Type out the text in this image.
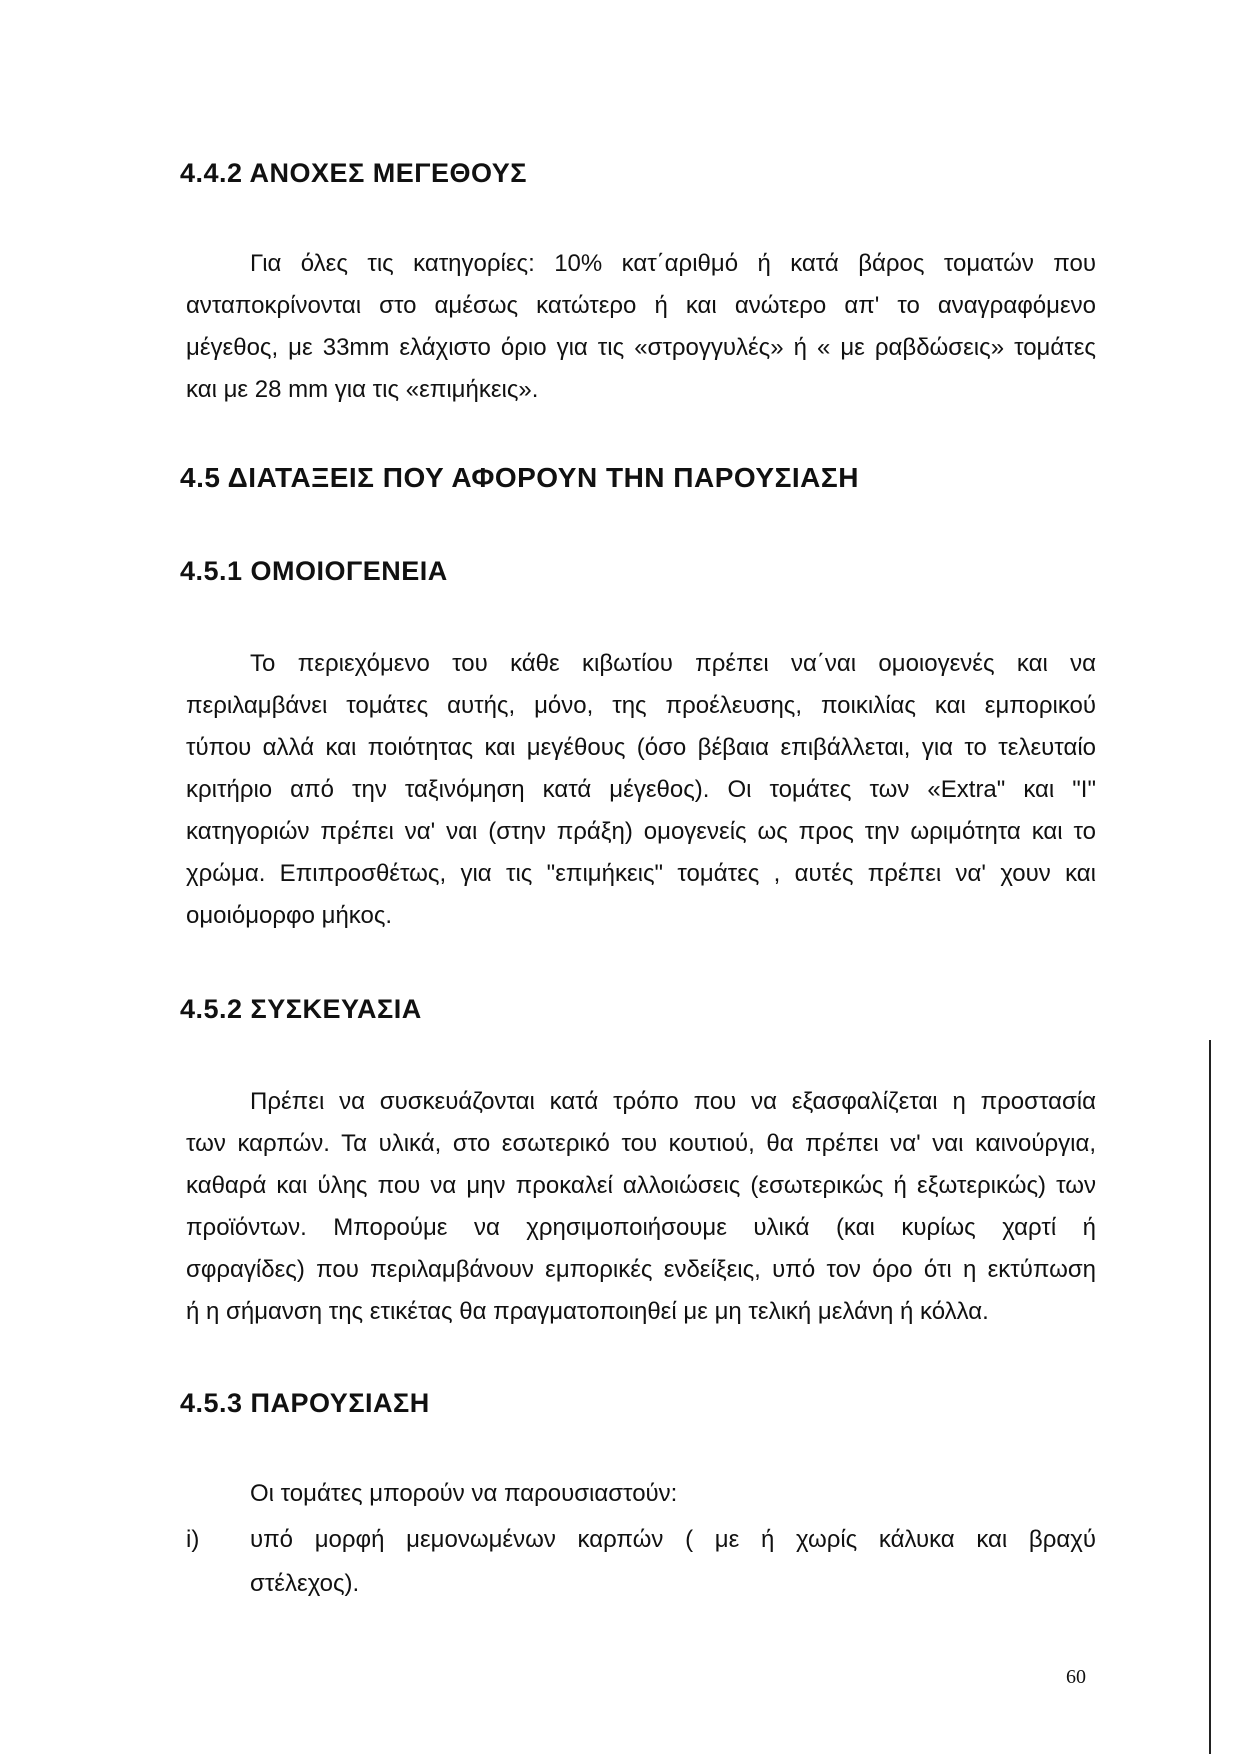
4.4.2 ΑΝΟΧΕΣ ΜΕΓΕΘΟΥΣ
Για όλες τις κατηγορίες: 10% κατ΄αριθμό ή κατά βάρος τοματών που
ανταποκρίνονται στο αμέσως κατώτερο ή και ανώτερο απ' το αναγραφόμενο
μέγεθος, με 33mm ελάχιστο όριο για τις «στρογγυλές» ή « με ραβδώσεις» τομάτες
και με 28 mm για τις «επιμήκεις».
4.5 ΔΙΑΤΑΞΕΙΣ ΠΟΥ ΑΦΟΡΟΥΝ ΤΗΝ ΠΑΡΟΥΣΙΑΣΗ
4.5.1 ΟΜΟΙΟΓΕΝΕΙΑ
Το περιεχόμενο του κάθε κιβωτίου πρέπει να΄ναι ομοιογενές και να
περιλαμβάνει τομάτες αυτής, μόνο, της προέλευσης, ποικιλίας και εμπορικού
τύπου αλλά και ποιότητας και μεγέθους (όσο βέβαια επιβάλλεται, για το τελευταίο
κριτήριο από την ταξινόμηση κατά μέγεθος). Οι τομάτες των «Extra" και "I"
κατηγοριών πρέπει να' ναι (στην πράξη) ομογενείς ως προς την ωριμότητα και το
χρώμα. Επιπροσθέτως, για τις "επιμήκεις" τομάτες , αυτές πρέπει να' χουν και
ομοιόμορφο μήκος.
4.5.2 ΣΥΣΚΕΥΑΣΙΑ
Πρέπει να συσκευάζονται κατά τρόπο που να εξασφαλίζεται η προστασία
των καρπών. Τα υλικά, στο εσωτερικό του κουτιού, θα πρέπει να' ναι καινούργια,
καθαρά και ύλης που να μην προκαλεί αλλοιώσεις (εσωτερικώς ή εξωτερικώς) των
προϊόντων. Μπορούμε να χρησιμοποιήσουμε υλικά (και κυρίως χαρτί ή
σφραγίδες) που περιλαμβάνουν εμπορικές ενδείξεις, υπό τον όρο ότι η εκτύπωση
ή η σήμανση της ετικέτας θα πραγματοποιηθεί με μη τελική μελάνη ή κόλλα.
4.5.3 ΠΑΡΟΥΣΙΑΣΗ
Οι τομάτες μπορούν να παρουσιαστούν:
i) υπό μορφή μεμονωμένων καρπών ( με ή χωρίς κάλυκα και βραχύ
στέλεχος).
60
